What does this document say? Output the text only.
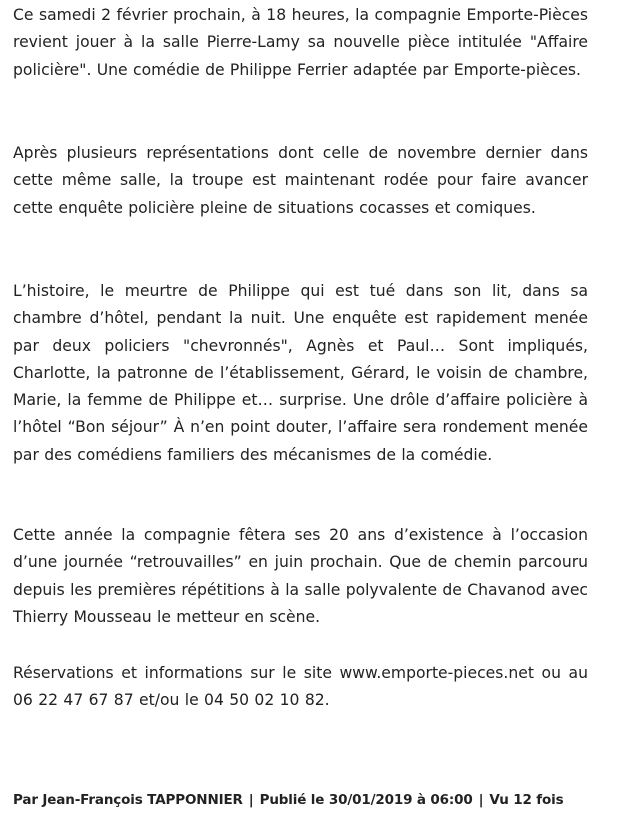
Ce samedi 2 février prochain, à 18 heures, la compagnie Emporte-Pièces revient jouer à la salle Pierre-Lamy sa nouvelle pièce intitulée "Affaire policière". Une comédie de Philippe Ferrier adaptée par Emporte-pièces.

Après plusieurs représentations dont celle de novembre dernier dans cette même salle, la troupe est maintenant rodée pour faire avancer cette enquête policière pleine de situations cocasses et comiques.

L’histoire, le meurtre de Philippe qui est tué dans son lit, dans sa chambre d’hôtel, pendant la nuit. Une enquête est rapidement menée par deux policiers "chevronnés", Agnès et Paul… Sont impliqués, Charlotte, la patronne de l’établissement, Gérard, le voisin de chambre, Marie, la femme de Philippe et… surprise. Une drôle d’affaire policière à l’hôtel “Bon séjour” À n’en point douter, l’affaire sera rondement menée par des comédiens familiers des mécanismes de la comédie.

Cette année la compagnie fêtera ses 20 ans d’existence à l’occasion d’une journée “retrouvailles” en juin prochain. Que de chemin parcouru depuis les premières répétitions à la salle polyvalente de Chavanod avec Thierry Mousseau le metteur en scène.

Réservations et informations sur le site www.emporte-pieces.net ou au 06 22 47 67 87 et/ou le 04 50 02 10 82.

Par Jean-François TAPPONNIER | Publié le 30/01/2019 à 06:00 | Vu 12 fois
